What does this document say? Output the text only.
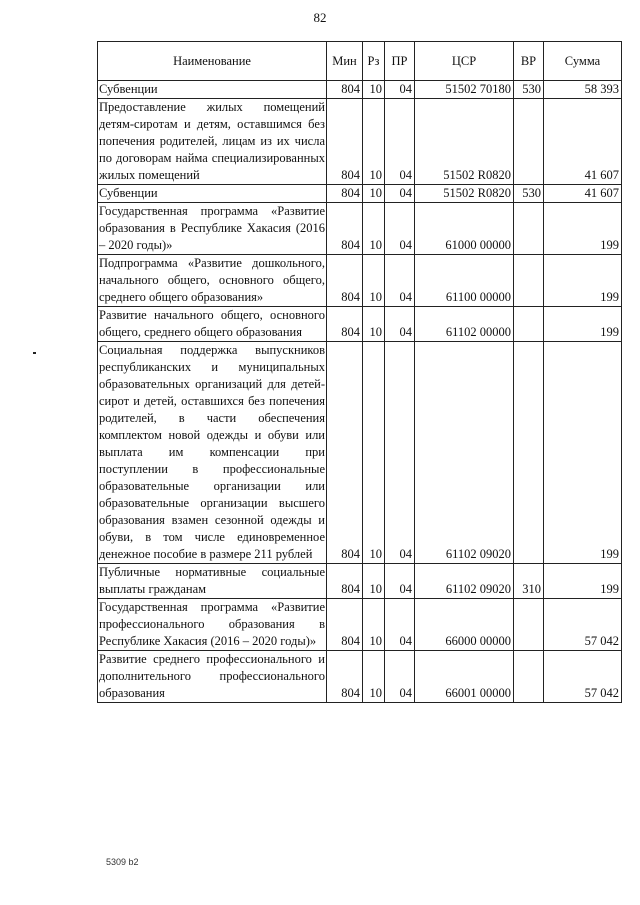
82
Наименование	Мин	Рз	ПР	ЦСР	ВР	Сумма
Субвенции	804	10	04	51502 70180	530	58 393
Предоставление жилых помещений детям-сиротам и детям, оставшимся без попечения родителей, лицам из их числа по договорам найма специализированных жилых помещений	804	10	04	51502 R0820		41 607
Субвенции	804	10	04	51502 R0820	530	41 607
Государственная программа «Развитие образования в Республике Хакасия (2016 – 2020 годы)»	804	10	04	61000 00000		199
Подпрограмма «Развитие дошкольного, начального общего, основного общего, среднего общего образования»	804	10	04	61100 00000		199
Развитие начального общего, основного общего, среднего общего образования	804	10	04	61102 00000		199
Социальная поддержка выпускников республиканских и муниципальных образовательных организаций для детей-сирот и детей, оставшихся без попечения родителей, в части обеспечения комплектом новой одежды и обуви или выплата им компенсации при поступлении в профессиональные образовательные организации или образовательные организации высшего образования взамен сезонной одежды и обуви, в том числе единовременное денежное пособие в размере 211 рублей	804	10	04	61102 09020		199
Публичные нормативные социальные выплаты гражданам	804	10	04	61102 09020	310	199
Государственная программа «Развитие профессионального образования в Республике Хакасия (2016 – 2020 годы)»	804	10	04	66000 00000		57 042
Развитие среднего профессионального и дополнительного профессионального образования	804	10	04	66001 00000		57 042
5309 b2
